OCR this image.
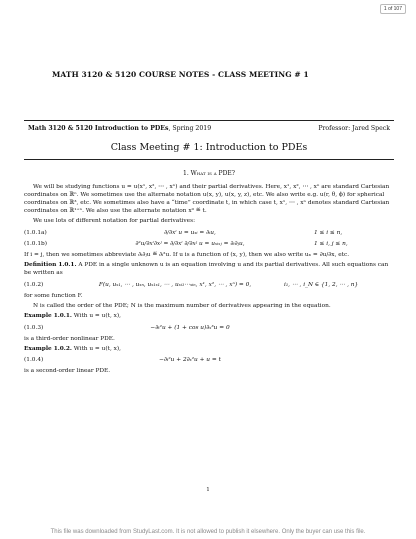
1 of 107
MATH 3120 & 5120 COURSE NOTES - CLASS MEETING # 1
Math 3120 & 5120 Introduction to PDEs, Spring 2019	Professor: Jared Speck
Class Meeting # 1: Introduction to PDEs
1. What is a PDE?

We will be studying functions u = u(x¹, x², ⋯ , xⁿ) and their partial derivatives. Here, x¹, x², ⋯ , xⁿ are standard Cartesian coordinates on ℝⁿ. We sometimes use the alternate notation u(x, y), u(x, y, z), etc. We also write e.g. u(r, θ, ϕ) for spherical coordinates on ℝ³, etc. We sometimes also have a “time” coordinate t, in which case t, x¹, ⋯ , xⁿ denotes standard Cartesian coordinates on ℝ¹⁺ⁿ. We also use the alternate notation x⁰ ≝ t.

We use lots of different notation for partial derivatives:

(1.0.1a)	∂/∂xⁱ u = uₓᵢ = ∂ᵢu,	1 ≤ i ≤ n,
(1.0.1b)	∂²u/∂xⁱ∂xʲ = ∂/∂xⁱ ∂/∂xʲ u = uₓᵢₓⱼ = ∂ᵢ∂ⱼu,	1 ≤ i, j ≤ n,

If i = j, then we sometimes abbreviate ∂ᵢ∂ⱼu ≝ ∂ᵢ²u. If u is a function of (x, y), then we also write uₓ = ∂u/∂x, etc.

Definition 1.0.1. A PDE in a single unknown u is an equation involving u and its partial derivatives. All such equations can be written as

(1.0.2)	F(u, uₓ₁, ⋯ , uₓₙ, uₓ₁ₓ₁, ⋯ , uₓᵢ₁⋯ₓᵢₙ, x¹, x², ⋯ , xⁿ) = 0,	i₁, ⋯ , i_N ∈ {1, 2, ⋯ , n}

for some function F.

N is called the order of the PDE; N is the maximum number of derivatives appearing in the equation.

Example 1.0.1. With u = u(t, x),

(1.0.3)	−∂ₜ²u + (1 + cos u)∂ₓ³u = 0

is a third-order nonlinear PDE.

Example 1.0.2. With u = u(t, x),

(1.0.4)	−∂ₜ²u + 2∂ₓ²u + u = t

is a second-order linear PDE.

1
This file was downloaded from StudyLast.com. It is not allowed to publish it elsewhere. Only the buyer can use this file.
